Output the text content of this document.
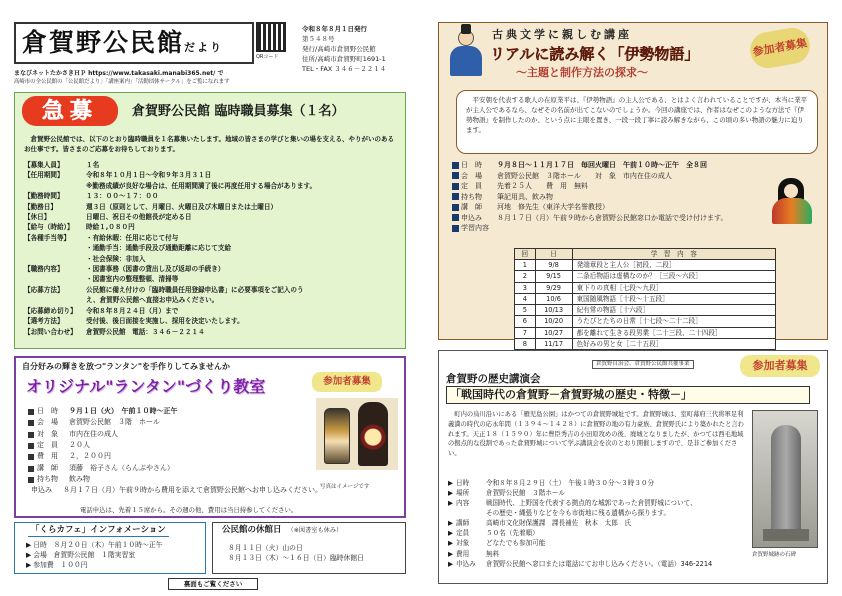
倉賀野公民館だより
QRコード
令和８年８月１日発行
第５４８号
発行/高崎市倉賀野公民館
住所/高崎市倉賀野町1691-1
TEL・FAX ３４６－２２１４
まなびネットたかさきＨＰ https://www.takasaki.manabi365.net/ で
高崎市の全公民館の「公民館だより」「講座案内」「活動団体サークル」をご覧になれます
急募	倉賀野公民館 臨時職員募集（１名）
倉賀野公民館では、以下のとおり臨時職員を１名募集いたします。地域の皆さまの学びと集いの場を支える、やりがいのあるお仕事です。皆さまのご応募をお待ちしております。
【募集人員】	１名
【任用期間】	令和８年１０月１日～令和９年３月３１日
※勤務成績が良好な場合は、任用期間満了後に再度任用する場合があります。
【勤務時間】	１３：００～１７：００
【勤務日】	週３日（原則として、月曜日、火曜日及び木曜日または土曜日）
【休日】	日曜日、祝日その他館長が定める日
【給与（時給）】	時給１,０８０円
【各種手当等】	・有給休暇：任用に応じて付与
・通勤手当：通勤手段及び通勤距離に応じて支給
・社会保険：非加入
【職務内容】	・図書事務（図書の貸出し及び返却の手続き）
・図書室内の整理整頓、清掃等
【応募方法】	公民館に備え付けの「臨時職員任用登録申込書」に必要事項をご記入のう
え、倉賀野公民館へ直接お申込みください。
【応募締め切り】	令和８年８月２４日（月）まで
【選考方法】	受付後、後日面接を実施し、採用を決定いたします。
【お問い合わせ】	倉賀野公民館　電話：３４６－２２１４
自分好みの輝きを放つ"ランタン"を手作りしてみませんか
オリジナル"ランタン"づくり教室	参加者募集
日　時	９月１日（火）　午前１０時～正午
会　場	倉賀野公民館　３階　ホール
対　象	市内在住の成人
定　員	２０人
費　用	２，２００円
講　師	須藤　裕子さん（らんぷやさん）
持ち物	飲み物
申込み	８月１７日（月）午前９時から費用を添えて倉賀野公民館へお申し込みください。
電話申込は、先着１５席から。その週の他、費用は当日持参してください。
写真はイメージです
「くらカフェ」インフォメーション
▶ 日時　８月２０日（木）午前１０時～正午
▶ 会場　倉賀野公民館　１階実習室
▶ 参加費　１００円
公民館の休館日 （※図書室も休み）
８月１１日（火）山の日
８月１３日（木）～１６日（日）臨時休館日
裏面もご覧ください
古典文学に親しむ講座
リアルに読み解く「伊勢物語」
～主題と制作方法の探求～
参加者募集
平安朝を代表する歌人の在原業平は、『伊勢物語』の主人公である、とはよく言われていることですが、本当に業平が主人公であるなら、なぜその名前が出てこないのでしょうか。今回の講座では、作者はなぜこのような方法で『伊勢物語』を制作したのか、という点に主眼を置き、一段一段丁寧に読み解きながら、この頃の多い物語の魅力に迫ります。
日　時	９月８日～１１月１７日　毎回火曜日　午前１０時～正午　全８回
会　場	倉賀野公民館　３階ホール　　対　象　市内在住の成人
定　員	先着２５人　　費　用　無料
持ち物	筆記用具、飲み物
講　師	河地　修先生（東洋大学名誉教授）
申込み	８月１７日（月）午前９時から倉賀野公民館窓口か電話で受け付けます。
学習内容
回	日	学　習　内　容
1	9/8	発端章段と主人公［初段、二段］
2	9/15	二条后物語は虚構なのか？［三段～六段］
3	9/29	東下りの真相［七段～九段］
4	10/6	東国随風物語［十段～十五段］
5	10/13	紀有常の物語［十六段］
6	10/20	うたびとたちの日常［十七段～二十二段］
7	10/27	都を離れて生きる段男業［二十三段、二十四段］
8	11/17	色好みの男と女［二十五段］
倉賀野自治会、倉賀野公民館共催事業	参加者募集
倉賀野の歴史講演会
「戦国時代の倉賀野－倉賀野城の歴史・特徴－」
町内の烏川沿いにある「雁児島公園」はかつての倉賀野城址です。倉賀野城は、室町幕府三代将軍足利義満の時代の応永年間（１３９４～１４２８）に倉賀野の地の有力豪族、倉賀野氏により築かれたと言われます。天正１８（１５９０）年に豊臣秀吉の小田原攻めの後、廃城となりましたが、かつては西毛地域の拠点的な役割であった倉賀野城について学ぶ講演会を次のとおり開催しますので、是非ご参加ください。
倉賀野城跡の石碑
▶ 日時	令和８年８月２９日（土）　午後１時３０分～３時３０分
▶ 場所	倉賀野公民館　３階ホール
▶ 内容	戦国時代、上野国を代表する拠点的な城郭であった倉賀野城について、
その歴史・縄張りなどを今も市街地に残る遺構から探ります。
▶ 講師	高崎市文化財保護課　課長補佐　秋本　太郎　氏
▶ 定員	５０名（先着順）
▶ 対象	どなたでも参加可能
▶ 費用	無料
▶ 申込み	倉賀野公民館へ窓口または電話にてお申し込みください。（電話）346-2214
